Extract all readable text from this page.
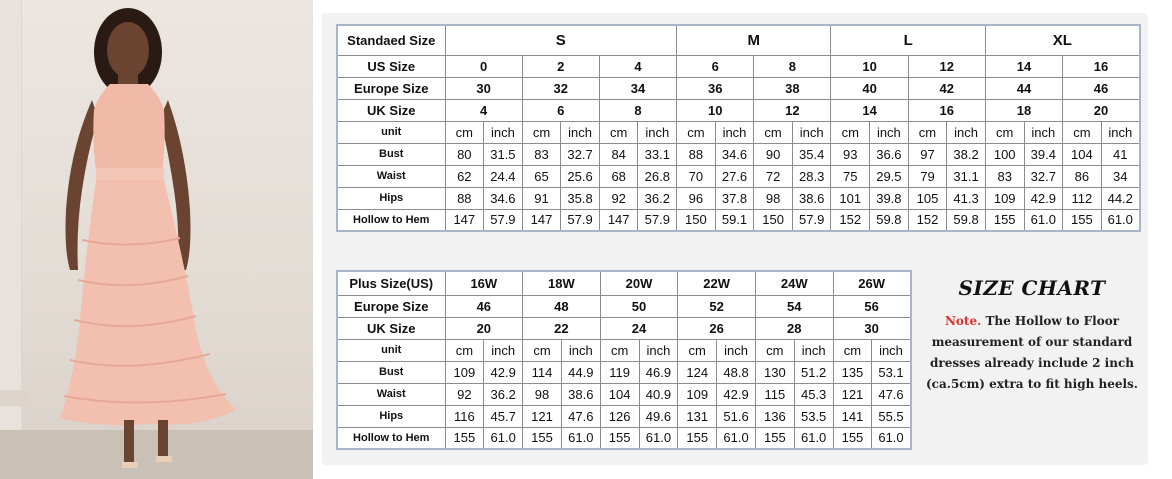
Standaed Size	S						M				L				XL			
US Size	0		2		4		6		8		10		12		14		16	
Europe Size	30		32		34		36		38		40		42		44		46	
UK Size	4		6		8		10		12		14		16		18		20	
unit	cm	inch	cm	inch	cm	inch	cm	inch	cm	inch	cm	inch	cm	inch	cm	inch	cm	inch
Bust	80	31.5	83	32.7	84	33.1	88	34.6	90	35.4	93	36.6	97	38.2	100	39.4	104	41
Waist	62	24.4	65	25.6	68	26.8	70	27.6	72	28.3	75	29.5	79	31.1	83	32.7	86	34
Hips	88	34.6	91	35.8	92	36.2	96	37.8	98	38.6	101	39.8	105	41.3	109	42.9	112	44.2
Hollow to Hem	147	57.9	147	57.9	147	57.9	150	59.1	150	57.9	152	59.8	152	59.8	155	61.0	155	61.0
Plus Size(US)	16W		18W		20W		22W		24W		26W	
Europe Size	46		48		50		52		54		56	
UK Size	20		22		24		26		28		30	
unit	cm	inch	cm	inch	cm	inch	cm	inch	cm	inch	cm	inch
Bust	109	42.9	114	44.9	119	46.9	124	48.8	130	51.2	135	53.1
Waist	92	36.2	98	38.6	104	40.9	109	42.9	115	45.3	121	47.6
Hips	116	45.7	121	47.6	126	49.6	131	51.6	136	53.5	141	55.5
Hollow to Hem	155	61.0	155	61.0	155	61.0	155	61.0	155	61.0	155	61.0
SIZE CHART
Note. The Hollow to Floor
measurement of our standard
dresses already include 2 inch
(ca.5cm) extra to fit high heels.
